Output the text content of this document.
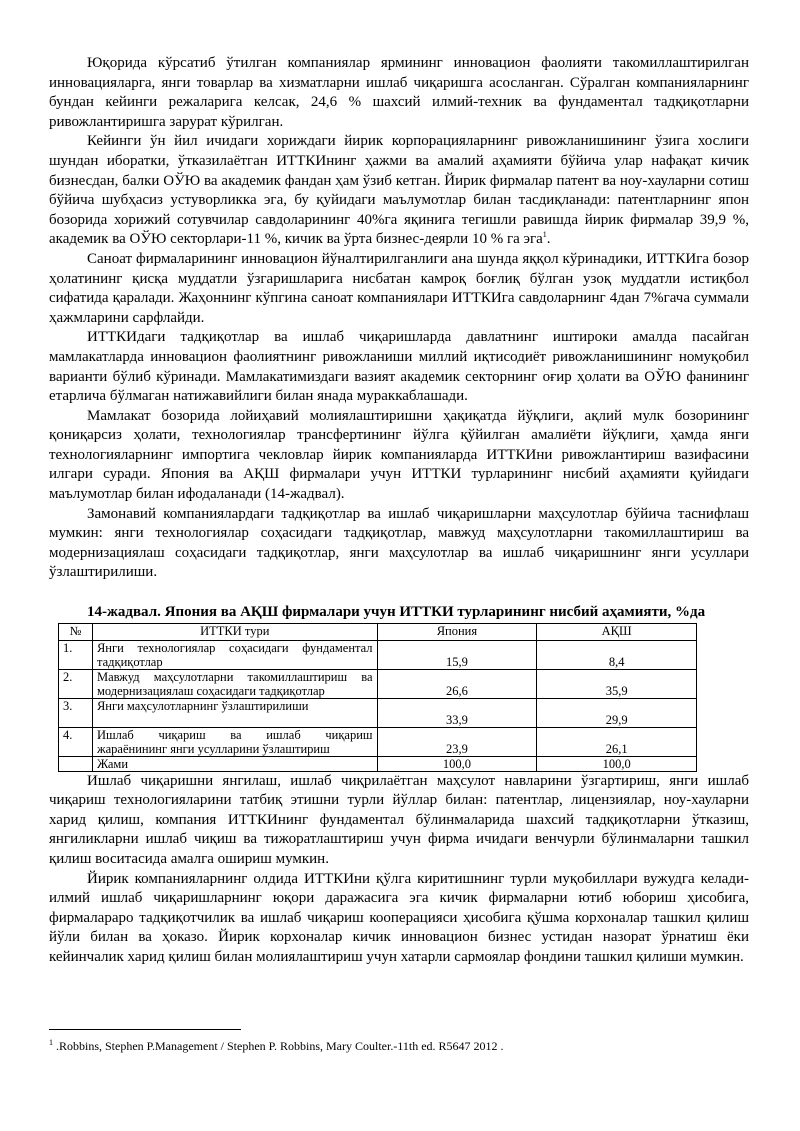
Юқорида кўрсатиб ўтилган компаниялар ярмининг инновацион фаолияти такомиллаштирилган инновацияларга, янги товарлар ва хизматларни ишлаб чиқаришга асосланган. Сўралган компанияларнинг бундан кейинги режаларига келсак, 24,6 % шахсий илмий-техник ва фундаментал тадқиқотларни ривожлантиришга зарурат кўрилган.

Кейинги ўн йил ичидаги хориждаги йирик корпорацияларнинг ривожланишининг ўзига хослиги шундан иборатки, ўтказилаётган ИТТКИнинг ҳажми ва амалий аҳамияти бўйича улар нафақат кичик бизнесдан, балки ОЎЮ ва академик фандан ҳам ўзиб кетган. Йирик фирмалар патент ва ноу-хауларни сотиш бўйича шубҳасиз устуворликка эга, бу қуйидаги маълумотлар билан тасдиқланади: патентларнинг япон бозорида хорижий сотувчилар савдоларининг 40%га яқинига тегишли равишда йирик фирмалар 39,9 %, академик ва ОЎЮ секторлари-11 %, кичик ва ўрта бизнес-деярли 10 % га эга$^1$.

Саноат фирмаларининг инновацион йўналтирилганлиги ана шунда яққол кўринадики, ИТТКИга бозор ҳолатининг қисқа муддатли ўзгаришларига нисбатан камроқ боғлиқ бўлган узоқ муддатли истиқбол сифатида қаралади. Жаҳоннинг кўпгина саноат компаниялари ИТТКИга савдоларнинг 4дан 7%гача суммали ҳажмларини сарфлайди.

ИТТКИдаги тадқиқотлар ва ишлаб чиқаришларда давлатнинг иштироки амалда пасайган мамлакатларда инновацион фаолиятнинг ривожланиши миллий иқтисодиёт ривожланишининг номуқобил варианти бўлиб кўринади. Мамлакатимиздаги вазият академик секторнинг оғир ҳолати ва ОЎЮ фанининг етарлича бўлмаган натижавийлиги билан янада мураккаблашади.

Мамлакат бозорида лойиҳавий молиялаштиришни ҳақиқатда йўқлиги, ақлий мулк бозорининг қониқарсиз ҳолати, технологиялар трансфертининг йўлга қўйилган амалиёти йўқлиги, ҳамда янги технологияларнинг импортига чекловлар йирик компанияларда ИТТКИни ривожлантириш вазифасини илгари суради. Япония ва АҚШ фирмалари учун ИТТКИ турларининг нисбий аҳамияти қуйидаги маълумотлар билан ифодаланади (14-жадвал).

Замонавий компаниялардаги тадқиқотлар ва ишлаб чиқаришларни маҳсулотлар бўйича таснифлаш мумкин: янги технологиялар соҳасидаги тадқиқотлар, мавжуд маҳсулотларни такомиллаштириш ва модернизациялаш соҳасидаги тадқиқотлар, янги маҳсулотлар ва ишлаб чиқаришнинг янги усуллари ўзлаштирилиши.

14-жадвал. Япония ва АҚШ фирмалари учун ИТТКИ турларининг нисбий аҳамияти, %да

№	ИТТКИ тури	Япония	АҚШ
1.	Янги технологиялар соҳасидаги фундаментал
тадқиқотлар	15,9	8,4
2.	Мавжуд маҳсулотларни такомиллаштириш ва
модернизациялаш соҳасидаги тадқиқотлар	26,6	35,9
3.	Янги маҳсулотларнинг ўзлаштирилиши	33,9	29,9
4.	Ишлаб чиқариш ва ишлаб чиқариш
жараёнининг янги усулларини ўзлаштириш	23,9	26,1
	Жами	100,0	100,0

Ишлаб чиқаришни янгилаш, ишлаб чиқрилаётган маҳсулот навларини ўзгартириш, янги ишлаб чиқариш технологияларини татбиқ этишни турли йўллар билан: патентлар, лицензиялар, ноу-хауларни харид қилиш, компания ИТТКИнинг фундаментал бўлинмаларида шахсий тадқиқотларни ўтказиш, янгиликларни ишлаб чиқиш ва тижоратлаштириш учун фирма ичидаги венчурли бўлинмаларни ташкил қилиш воситасида амалга ошириш мумкин.

Йирик компанияларнинг олдида ИТТКИни қўлга киритишнинг турли муқобиллари вужудга келади-илмий ишлаб чиқаришларнинг юқори даражасига эга кичик фирмаларни ютиб юбориш ҳисобига, фирмалараро тадқиқотчилик ва ишлаб чиқариш кооперацияси ҳисобига қўшма корхоналар ташкил қилиш йўли билан ва ҳоказо. Йирик корхоналар кичик инновацион бизнес устидан назорат ўрнатиш ёки кейинчалик харид қилиш билан молиялаштириш учун хатарли сармоялар фондини ташкил қилиши мумкин.

$^1$ .Robbins, Stephen P.Management / Stephen P. Robbins, Mary Coulter.-11th ed. R5647 2012 .
